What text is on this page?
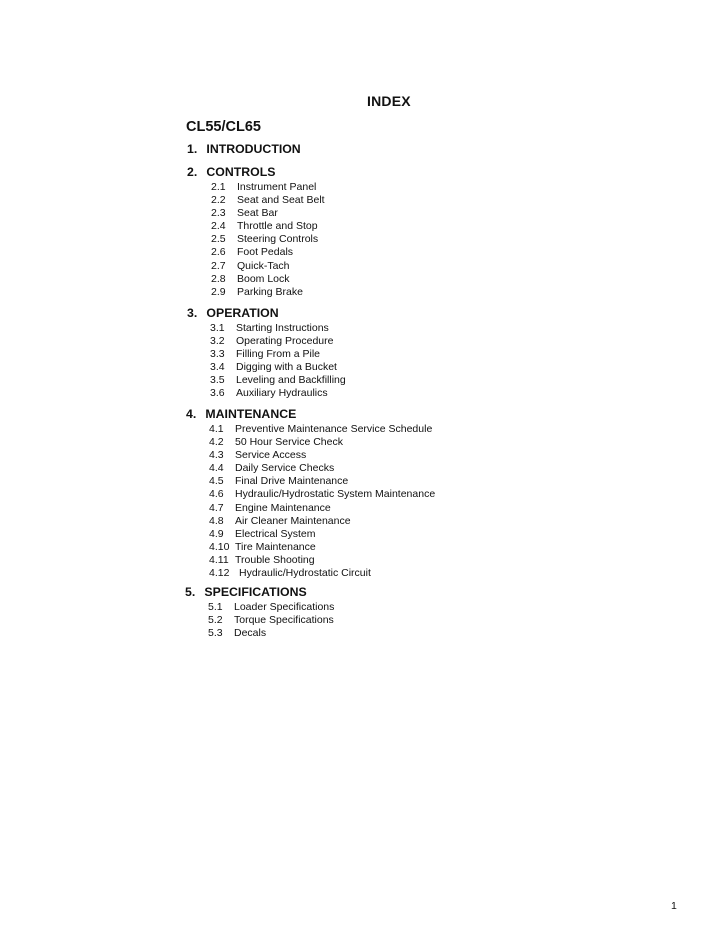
INDEX
CL55/CL65
1. INTRODUCTION
2. CONTROLS
2.1 Instrument Panel
2.2 Seat and Seat Belt
2.3 Seat Bar
2.4 Throttle and Stop
2.5 Steering Controls
2.6 Foot Pedals
2.7 Quick-Tach
2.8 Boom Lock
2.9 Parking Brake
3. OPERATION
3.1 Starting Instructions
3.2 Operating Procedure
3.3 Filling From a Pile
3.4 Digging with a Bucket
3.5 Leveling and Backfilling
3.6 Auxiliary Hydraulics
4. MAINTENANCE
4.1 Preventive Maintenance Service Schedule
4.2 50 Hour Service Check
4.3 Service Access
4.4 Daily Service Checks
4.5 Final Drive Maintenance
4.6 Hydraulic/Hydrostatic System Maintenance
4.7 Engine Maintenance
4.8 Air Cleaner Maintenance
4.9 Electrical System
4.10 Tire Maintenance
4.11 Trouble Shooting
4.12 Hydraulic/Hydrostatic Circuit
5. SPECIFICATIONS
5.1 Loader Specifications
5.2 Torque Specifications
5.3 Decals
1
